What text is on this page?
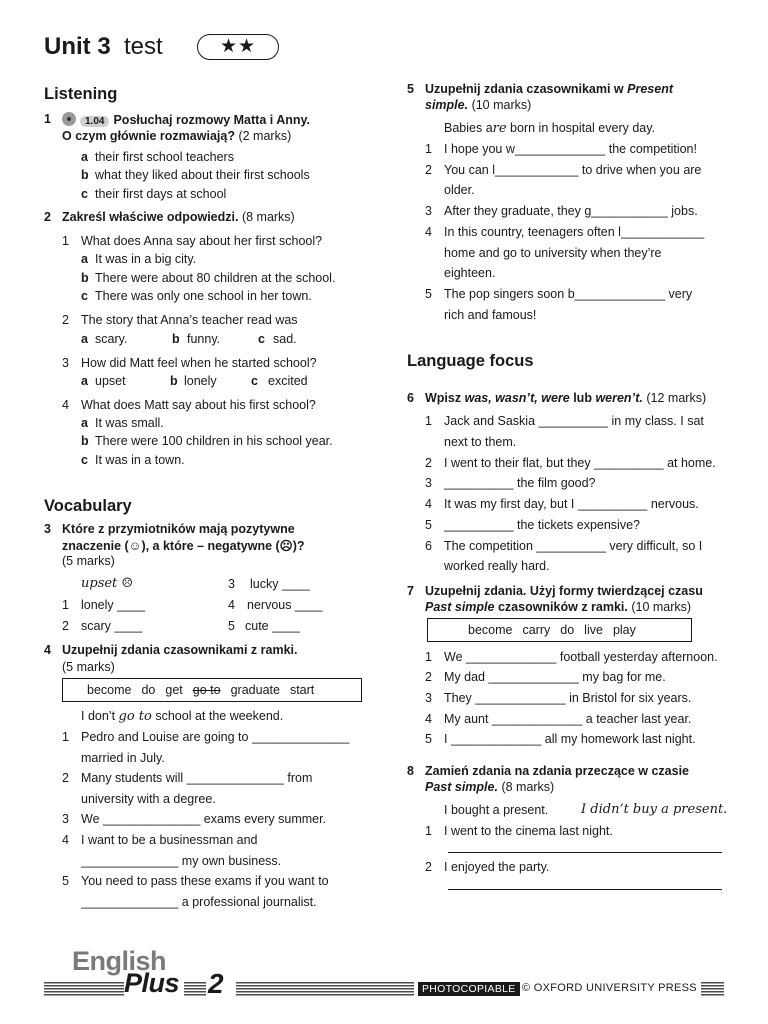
Unit 3 test	★★
Listening
1	1.04 Posłuchaj rozmowy Matta i Anny.
O czym głównie rozmawiają? (2 marks)
a their first school teachers
b what they liked about their first schools
c their first days at school
2 Zakreśl właściwe odpowiedzi. (8 marks)
1 What does Anna say about her first school?
a It was in a big city.
b There were about 80 children at the school.
c There was only one school in her town.
2 The story that Anna’s teacher read was
a scary.	b funny.	c sad.
3 How did Matt feel when he started school?
a upset	b lonely	c excited
4 What does Matt say about his first school?
a It was small.
b There were 100 children in his school year.
c It was in a town.
Vocabulary
3 Które z przymiotników mają pozytywne
znaczenie (☺), a które – negatywne (☹)?
(5 marks)
upset ☹	3 lucky ____
1 lonely ____	4 nervous ____
2 scary ____	5 cute ____
4 Uzupełnij zdania czasownikami z ramki.
(5 marks)
become do get go to graduate start
I don’t go to school at the weekend.
1 Pedro and Louise are going to ______________
married in July.
2 Many students will ______________ from
university with a degree.
3 We ______________ exams every summer.
4 I want to be a businessman and
______________ my own business.
5 You need to pass these exams if you want to
______________ a professional journalist.
5 Uzupełnij zdania czasownikami w Present
simple. (10 marks)
Babies are born in hospital every day.
1 I hope you w_____________ the competition!
2 You can l____________ to drive when you are
older.
3 After they graduate, they g___________ jobs.
4 In this country, teenagers often l____________
home and go to university when they’re
eighteen.
5 The pop singers soon b_____________ very
rich and famous!
Language focus
6 Wpisz was, wasn’t, were lub weren’t. (12 marks)
1 Jack and Saskia __________ in my class. I sat
next to them.
2 I went to their flat, but they __________ at home.
3 __________ the film good?
4 It was my first day, but I __________ nervous.
5 __________ the tickets expensive?
6 The competition __________ very difficult, so I
worked really hard.
7 Uzupełnij zdania. Użyj formy twierdzącej czasu
Past simple czasowników z ramki. (10 marks)
become carry do live play
1 We _____________ football yesterday afternoon.
2 My dad _____________ my bag for me.
3 They _____________ in Bristol for six years.
4 My aunt _____________ a teacher last year.
5 I _____________ all my homework last night.
8 Zamień zdania na zdania przeczące w czasie
Past simple. (8 marks)
I bought a present.	I didn’t buy a present.
1 I went to the cinema last night.
2 I enjoyed the party.
English
Plus 2	PHOTOCOPIABLE © OXFORD UNIVERSITY PRESS
